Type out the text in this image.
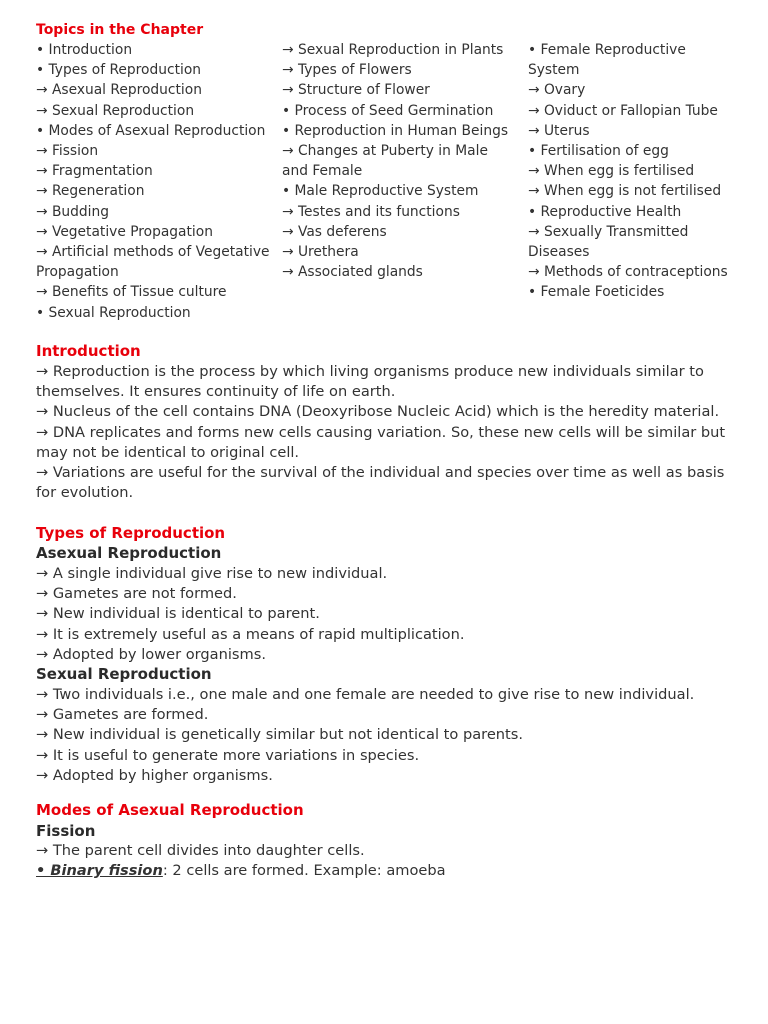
Topics in the Chapter
• Introduction
• Types of Reproduction
→ Asexual Reproduction
→ Sexual Reproduction
• Modes of Asexual Reproduction
→ Fission
→ Fragmentation
→ Regeneration
→ Budding
→ Vegetative Propagation
→ Artificial methods of Vegetative Propagation
→ Benefits of Tissue culture
• Sexual Reproduction
→ Sexual Reproduction in Plants
→ Types of Flowers
→ Structure of Flower
• Process of Seed Germination
• Reproduction in Human Beings
→ Changes at Puberty in Male and Female
• Male Reproductive System
→ Testes and its functions
→ Vas deferens
→ Urethera
→ Associated glands
• Female Reproductive System
→ Ovary
→ Oviduct or Fallopian Tube
→ Uterus
• Fertilisation of egg
→ When egg is fertilised
→ When egg is not fertilised
• Reproductive Health
→ Sexually Transmitted Diseases
→ Methods of contraceptions
• Female Foeticides
Introduction

→ Reproduction is the process by which living organisms produce new individuals similar to themselves. It ensures continuity of life on earth.

→ Nucleus of the cell contains DNA (Deoxyribose Nucleic Acid) which is the heredity material.

→ DNA replicates and forms new cells causing variation. So, these new cells will be similar but may not be identical to original cell.

→ Variations are useful for the survival of the individual and species over time as well as basis for evolution.

Types of Reproduction
Asexual Reproduction

→ A single individual give rise to new individual.

→ Gametes are not formed.

→ New individual is identical to parent.

→ It is extremely useful as a means of rapid multiplication.

→ Adopted by lower organisms.

Sexual Reproduction

→ Two individuals i.e., one male and one female are needed to give rise to new individual.

→ Gametes are formed.

→ New individual is genetically similar but not identical to parents.

→ It is useful to generate more variations in species.

→ Adopted by higher organisms.

Modes of Asexual Reproduction
Fission

→ The parent cell divides into daughter cells.

• Binary fission: 2 cells are formed. Example: amoeba
